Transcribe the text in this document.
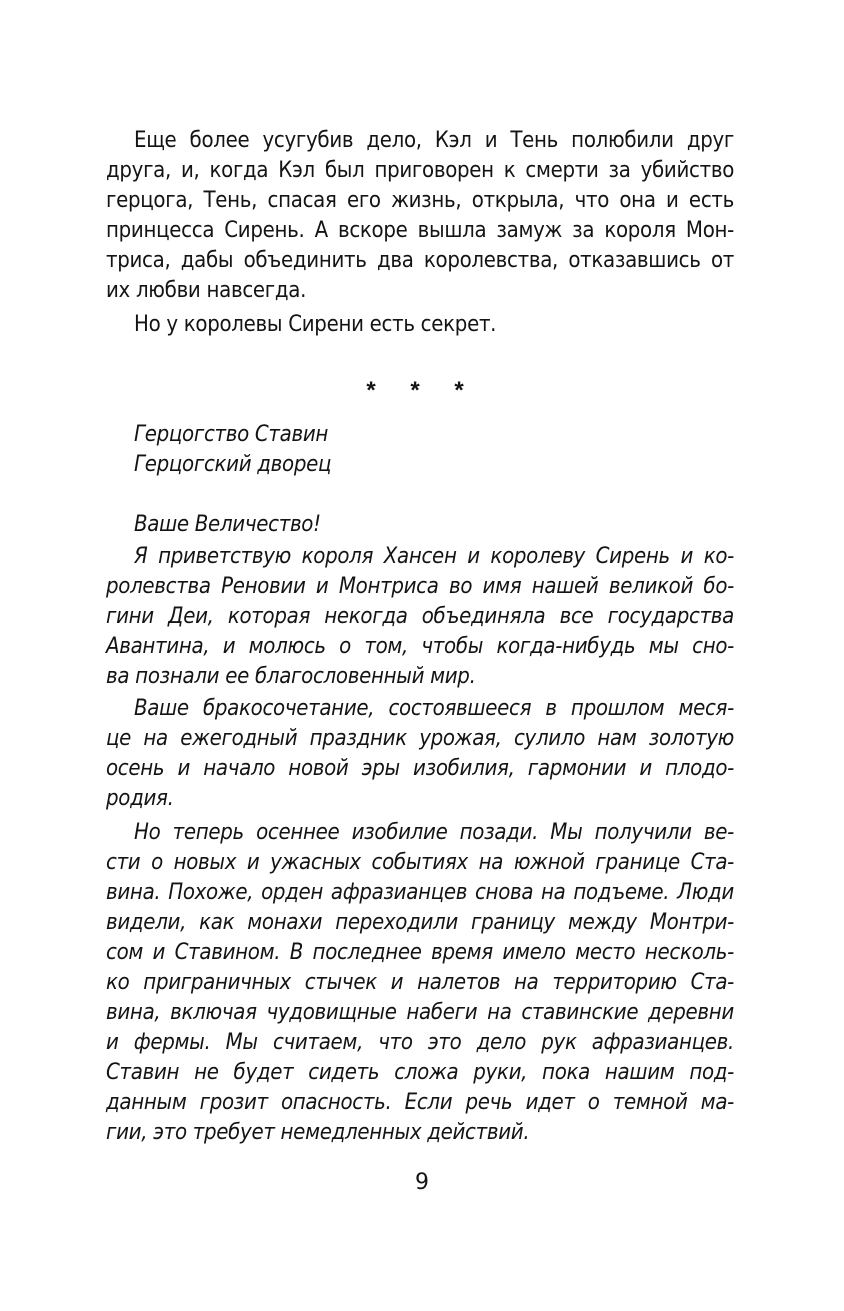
Еще более усугубив дело, Кэл и Тень полюбили друг

друга, и, когда Кэл был приговорен к смерти за убийство

герцога, Тень, спасая его жизнь, открыла, что она и есть

принцесса Сирень. А вскоре вышла замуж за короля Мон-

триса, дабы объединить два королевства, отказавшись от

их любви навсегда.

Но у королевы Сирени есть секрет.

* * *

Герцогство Ставин

Герцогский дворец

Ваше Величество!

Я приветствую короля Хансен и королеву Сирень и ко-

ролевства Реновии и Монтриса во имя нашей великой бо-

гини Деи, которая некогда объединяла все государства

Авантина, и молюсь о том, чтобы когда-нибудь мы сно-

ва познали ее благословенный мир.

Ваше бракосочетание, состоявшееся в прошлом меся-

це на ежегодный праздник урожая, сулило нам золотую

осень и начало новой эры изобилия, гармонии и плодо-

родия.

Но теперь осеннее изобилие позади. Мы получили ве-

сти о новых и ужасных событиях на южной границе Ста-

вина. Похоже, орден афразианцев снова на подъеме. Люди

видели, как монахи переходили границу между Монтри-

сом и Ставином. В последнее время имело место несколь-

ко приграничных стычек и налетов на территорию Ста-

вина, включая чудовищные набеги на ставинские деревни

и фермы. Мы считаем, что это дело рук афразианцев.

Ставин не будет сидеть сложа руки, пока нашим под-

данным грозит опасность. Если речь идет о темной ма-

гии, это требует немедленных действий.

9
